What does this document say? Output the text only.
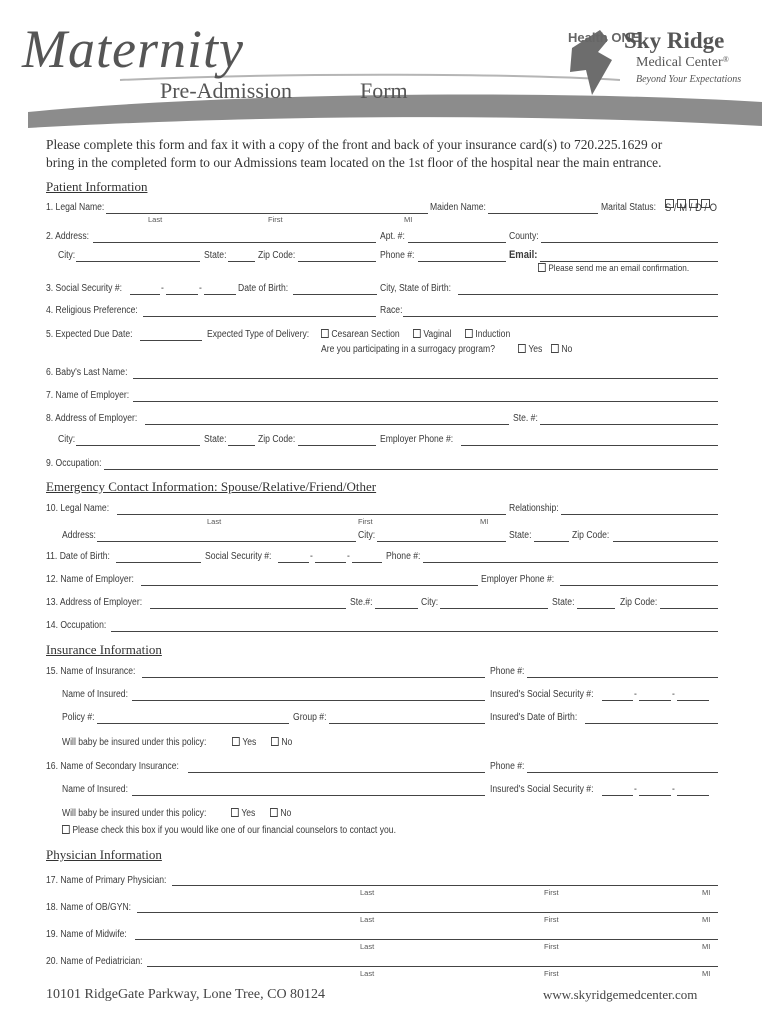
Maternity
Pre-Admission	Form
Health ONE
Sky Ridge
Medical Center®
Beyond Your Expectations
Please complete this form and fax it with a copy of the front and back of your insurance card(s) to 720.225.1629 or
bring in the completed form to our Admissions team located on the 1st floor of the hospital near the main entrance.
Patient Information
1. Legal Name:	Maiden Name:	Marital Status: S / M / D / O
Last	First	MI
2. Address:	Apt. #:	County:
City:	State:	Zip Code:	Phone #:	Email:
Please send me an email confirmation.
3. Social Security #:	-	-	Date of Birth:	City, State of Birth:
4. Religious Preference:	Race:
5. Expected Due Date:	Expected Type of Delivery:	Cesarean Section	Vaginal	Induction
Are you participating in a surrogacy program?	Yes	No
6. Baby's Last Name:
7. Name of Employer:
8. Address of Employer:	Ste. #:
City:	State:	Zip Code:	Employer Phone #:
9. Occupation:
Emergency Contact Information: Spouse/Relative/Friend/Other
10. Legal Name:	Relationship:
Last	First	MI
Address:	City:	State:	Zip Code:
11. Date of Birth:	Social Security #:	-	-	Phone #:
12. Name of Employer:	Employer Phone #:
13. Address of Employer:	Ste.#:	City:	State:	Zip Code:
14. Occupation:
Insurance Information
15. Name of Insurance:	Phone #:
Name of Insured:	Insured's Social Security #:	-	-
Policy #:	Group #:	Insured's Date of Birth:
Will baby be insured under this policy:	Yes	No
16. Name of Secondary Insurance:	Phone #:
Name of Insured:	Insured's Social Security #:	-	-
Will baby be insured under this policy:	Yes	No
Please check this box if you would like one of our financial counselors to contact you.
Physician Information
17. Name of Primary Physician:
Last	First	MI
18. Name of OB/GYN:
Last	First	MI
19. Name of Midwife:
Last	First	MI
20. Name of Pediatrician:
Last	First	MI
10101 RidgeGate Parkway, Lone Tree, CO 80124	www.skyridgemedcenter.com
